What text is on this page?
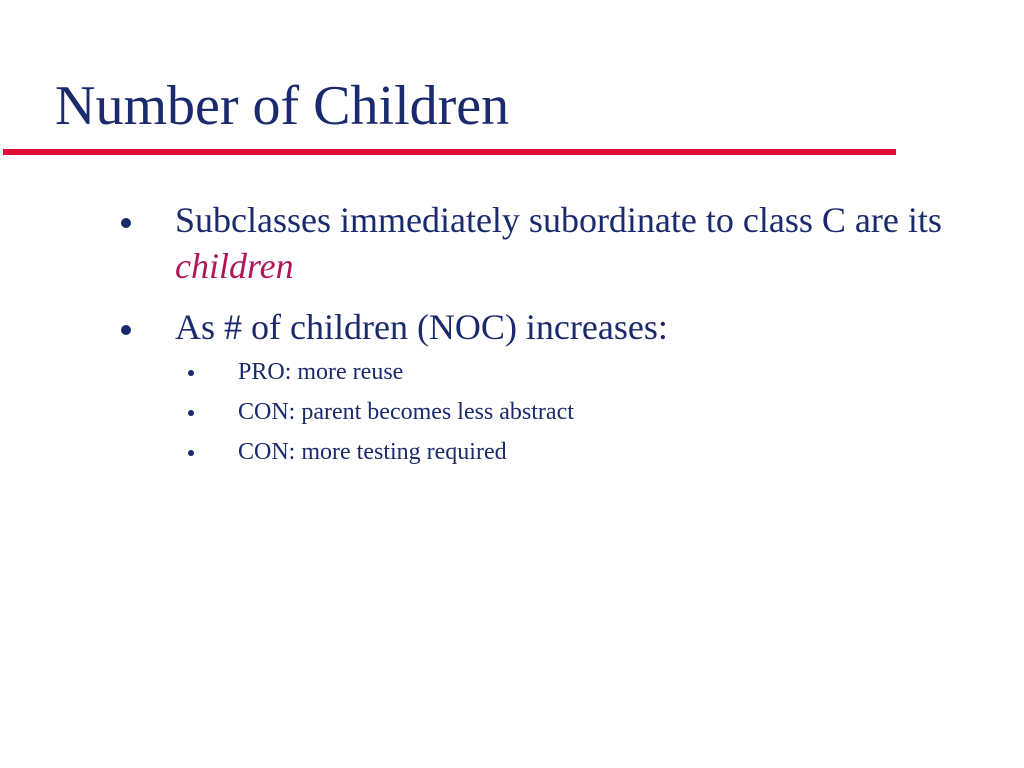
Number of Children
Subclasses immediately subordinate to class C are its children
As # of children (NOC) increases:
PRO: more reuse
CON: parent becomes less abstract
CON: more testing required
